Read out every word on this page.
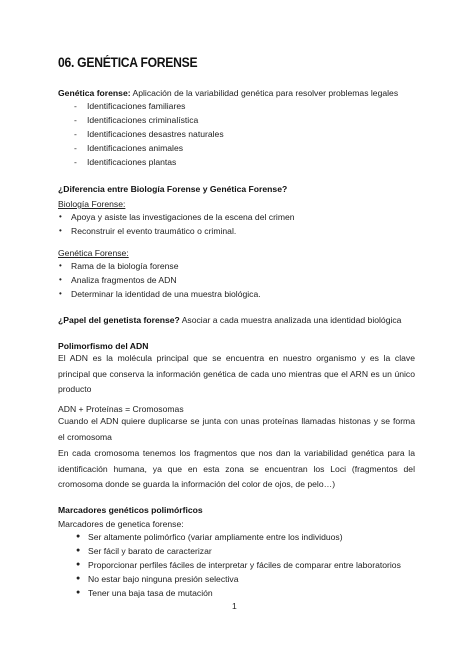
06. GENÉTICA FORENSE
Genética forense: Aplicación de la variabilidad genética para resolver problemas legales
- Identificaciones familiares
- Identificaciones criminalística
- Identificaciones desastres naturales
- Identificaciones animales
- Identificaciones plantas
¿Diferencia entre Biología Forense y Genética Forense?
Biología Forense:
• Apoya y asiste las investigaciones de la escena del crimen
• Reconstruir el evento traumático o criminal.
Genética Forense:
• Rama de la biología forense
• Analiza fragmentos de ADN
• Determinar la identidad de una muestra biológica.
¿Papel del genetista forense? Asociar a cada muestra analizada una identidad biológica
Polimorfismo del ADN
El ADN es la molécula principal que se encuentra en nuestro organismo y es la clave principal que conserva la información genética de cada uno mientras que el ARN es un único producto
ADN + Proteínas = Cromosomas
Cuando el ADN quiere duplicarse se junta con unas proteínas llamadas histonas y se forma el cromosoma
En cada cromosoma tenemos los fragmentos que nos dan la variabilidad genética para la identificación humana, ya que en esta zona se encuentran los Loci (fragmentos del cromosoma donde se guarda la información del color de ojos, de pelo…)
Marcadores genéticos polimórficos
Marcadores de genetica forense:
● Ser altamente polimórfico (variar ampliamente entre los individuos)
● Ser fácil y barato de caracterizar
● Proporcionar perfiles fáciles de interpretar y fáciles de comparar entre laboratorios
● No estar bajo ninguna presión selectiva
● Tener una baja tasa de mutación
1
